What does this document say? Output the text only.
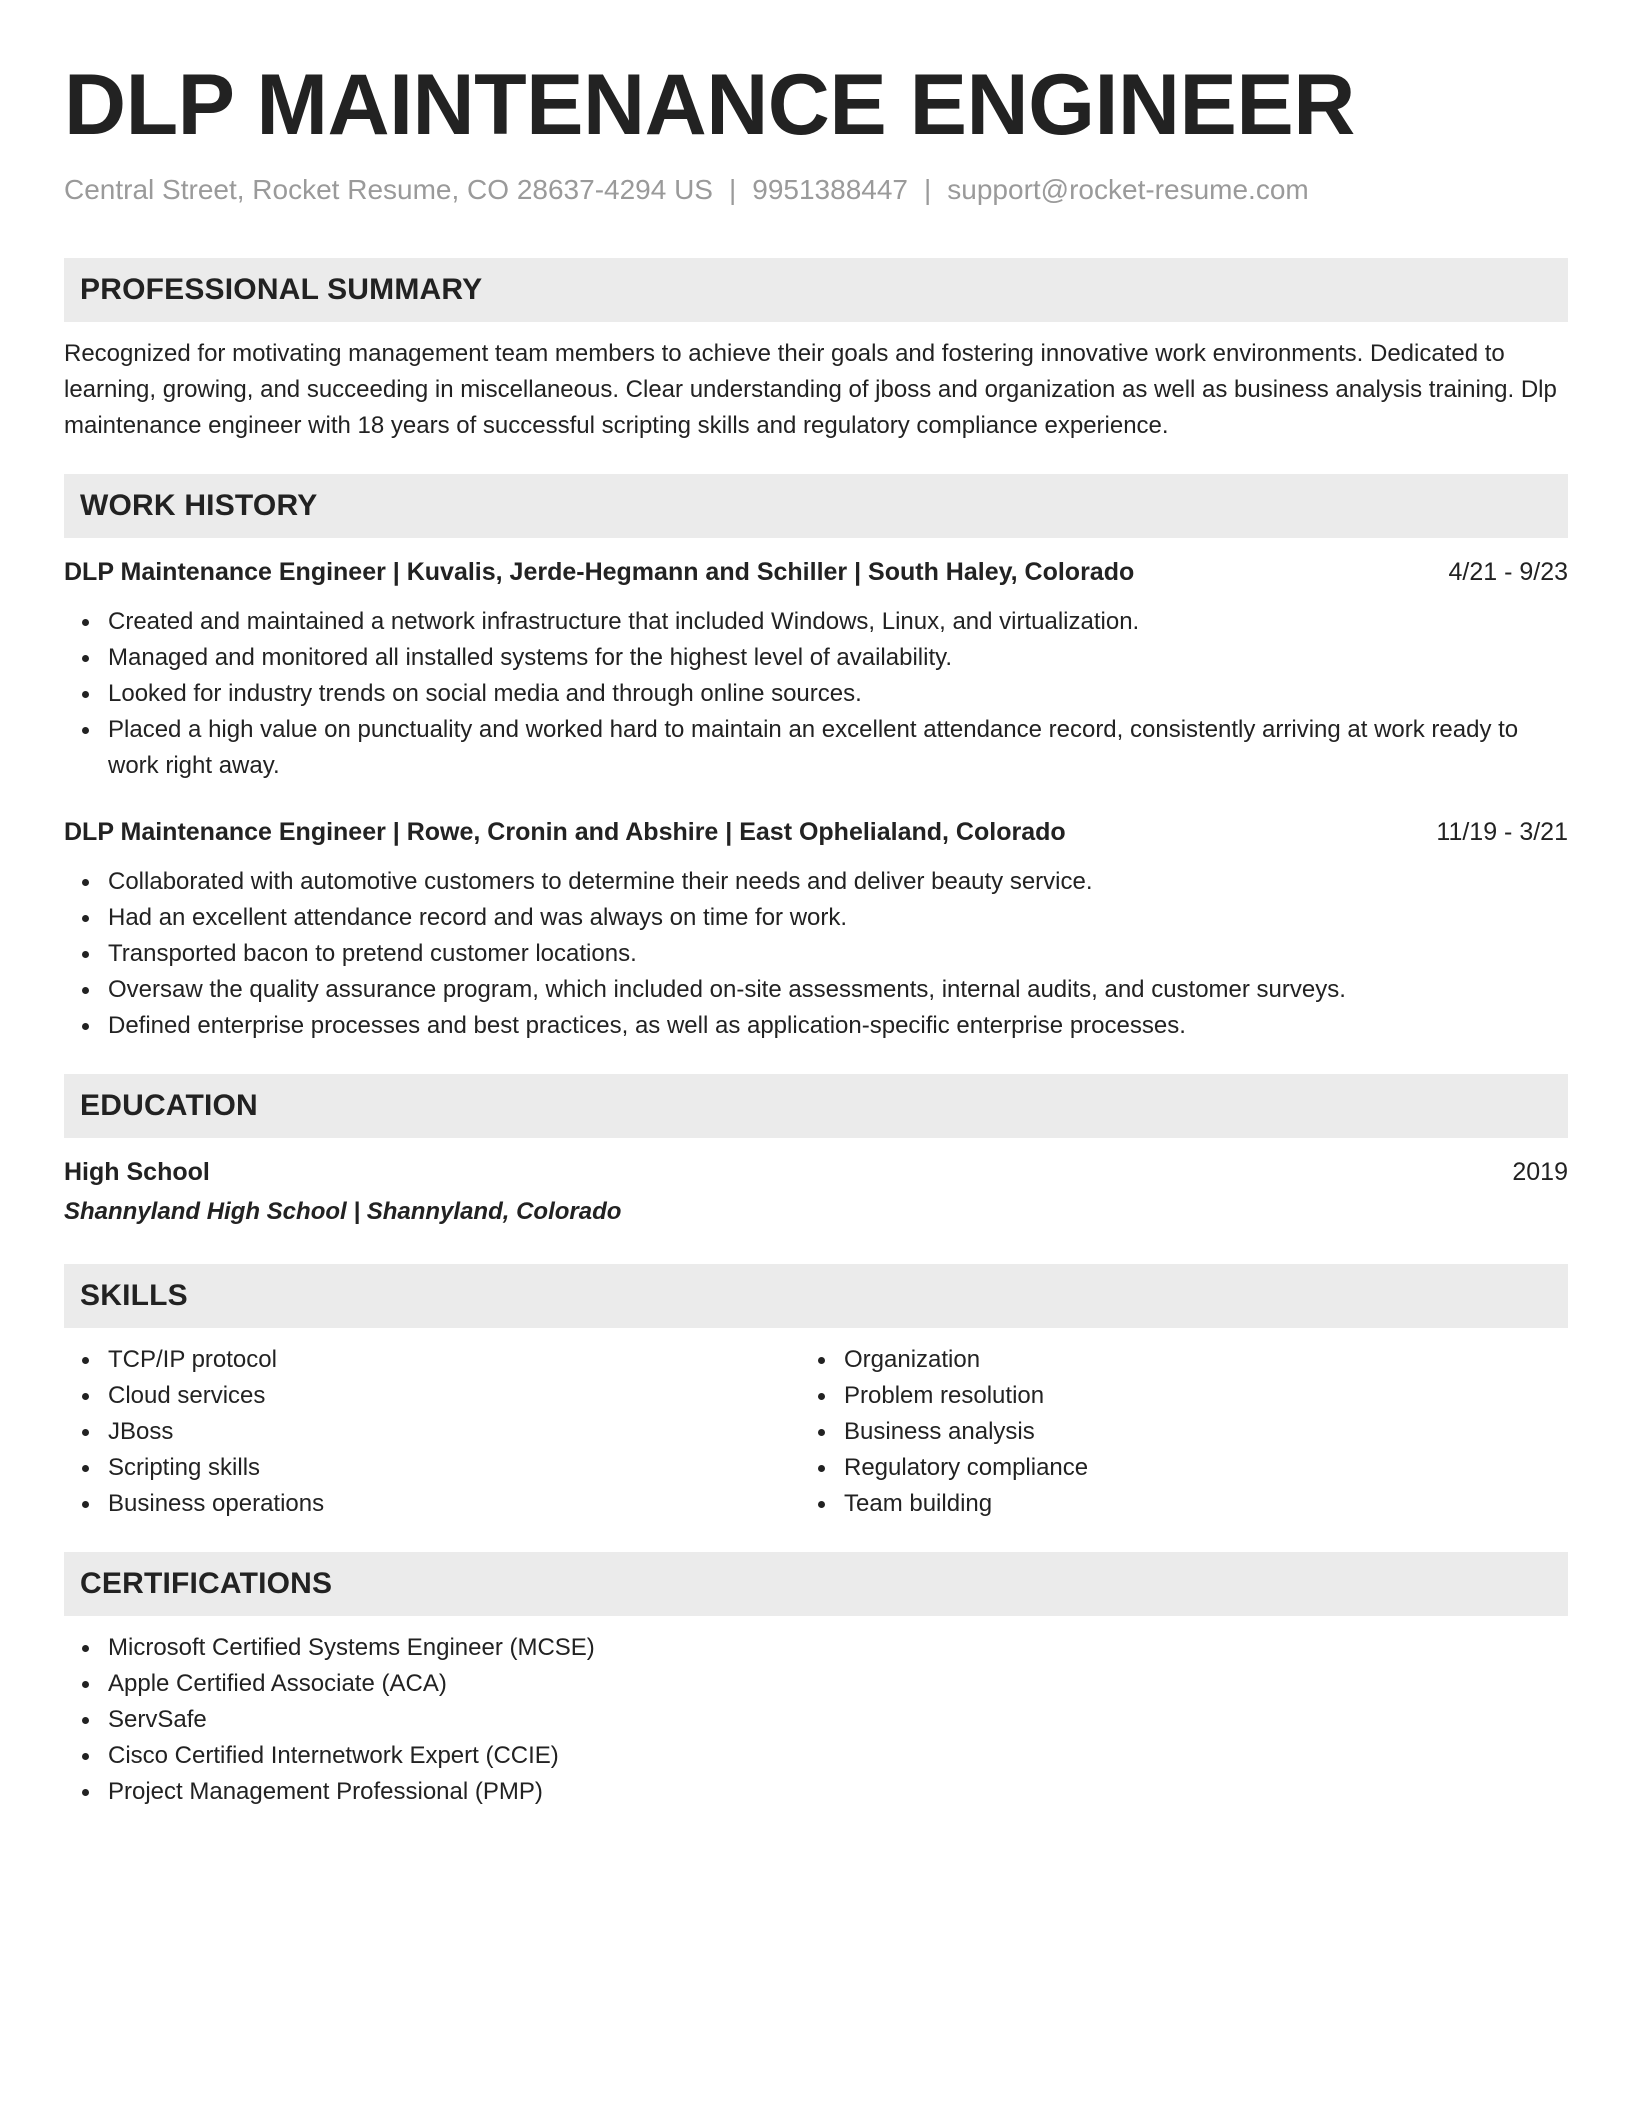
DLP MAINTENANCE ENGINEER
Central Street, Rocket Resume, CO 28637-4294 US | 9951388447 | support@rocket-resume.com
PROFESSIONAL SUMMARY
Recognized for motivating management team members to achieve their goals and fostering innovative work environments. Dedicated to learning, growing, and succeeding in miscellaneous. Clear understanding of jboss and organization as well as business analysis training. Dlp maintenance engineer with 18 years of successful scripting skills and regulatory compliance experience.
WORK HISTORY
DLP Maintenance Engineer | Kuvalis, Jerde-Hegmann and Schiller | South Haley, Colorado	4/21 - 9/23
Created and maintained a network infrastructure that included Windows, Linux, and virtualization.
Managed and monitored all installed systems for the highest level of availability.
Looked for industry trends on social media and through online sources.
Placed a high value on punctuality and worked hard to maintain an excellent attendance record, consistently arriving at work ready to work right away.
DLP Maintenance Engineer | Rowe, Cronin and Abshire | East Ophelialand, Colorado	11/19 - 3/21
Collaborated with automotive customers to determine their needs and deliver beauty service.
Had an excellent attendance record and was always on time for work.
Transported bacon to pretend customer locations.
Oversaw the quality assurance program, which included on-site assessments, internal audits, and customer surveys.
Defined enterprise processes and best practices, as well as application-specific enterprise processes.
EDUCATION
High School	2019
Shannyland High School | Shannyland, Colorado
SKILLS
TCP/IP protocol
Cloud services
JBoss
Scripting skills
Business operations
Organization
Problem resolution
Business analysis
Regulatory compliance
Team building
CERTIFICATIONS
Microsoft Certified Systems Engineer (MCSE)
Apple Certified Associate (ACA)
ServSafe
Cisco Certified Internetwork Expert (CCIE)
Project Management Professional (PMP)
